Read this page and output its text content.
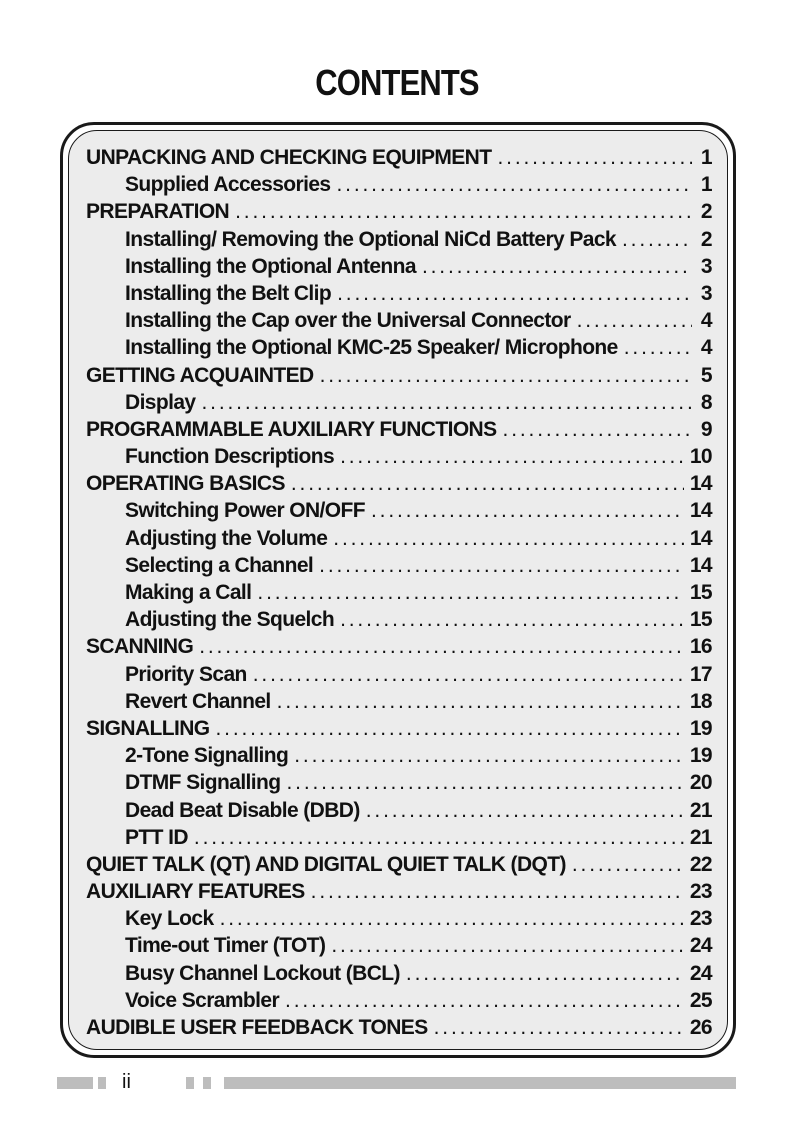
CONTENTS
UNPACKING AND CHECKING EQUIPMENT . . .	1
Supplied Accessories . . .	1
PREPARATION . . .	2
Installing/ Removing the Optional NiCd Battery Pack . . .	2
Installing the Optional Antenna . . .	3
Installing the Belt Clip . . .	3
Installing the Cap over the Universal Connector . . .	4
Installing the Optional KMC-25 Speaker/ Microphone . . .	4
GETTING ACQUAINTED . . .	5
Display . . .	8
PROGRAMMABLE AUXILIARY FUNCTIONS . . .	9
Function Descriptions . . .	10
OPERATING BASICS . . .	14
Switching Power ON/OFF . . .	14
Adjusting the Volume . . .	14
Selecting a Channel . . .	14
Making a Call . . .	15
Adjusting the Squelch . . .	15
SCANNING . . .	16
Priority Scan . . .	17
Revert Channel . . .	18
SIGNALLING . . .	19
2-Tone Signalling . . .	19
DTMF Signalling . . .	20
Dead Beat Disable (DBD) . . .	21
PTT ID . . .	21
QUIET TALK (QT) AND DIGITAL QUIET TALK (DQT) . . .	22
AUXILIARY FEATURES . . .	23
Key Lock . . .	23
Time-out Timer (TOT) . . .	24
Busy Channel Lockout (BCL) . . .	24
Voice Scrambler . . .	25
AUDIBLE USER FEEDBACK TONES . . .	26
ii
